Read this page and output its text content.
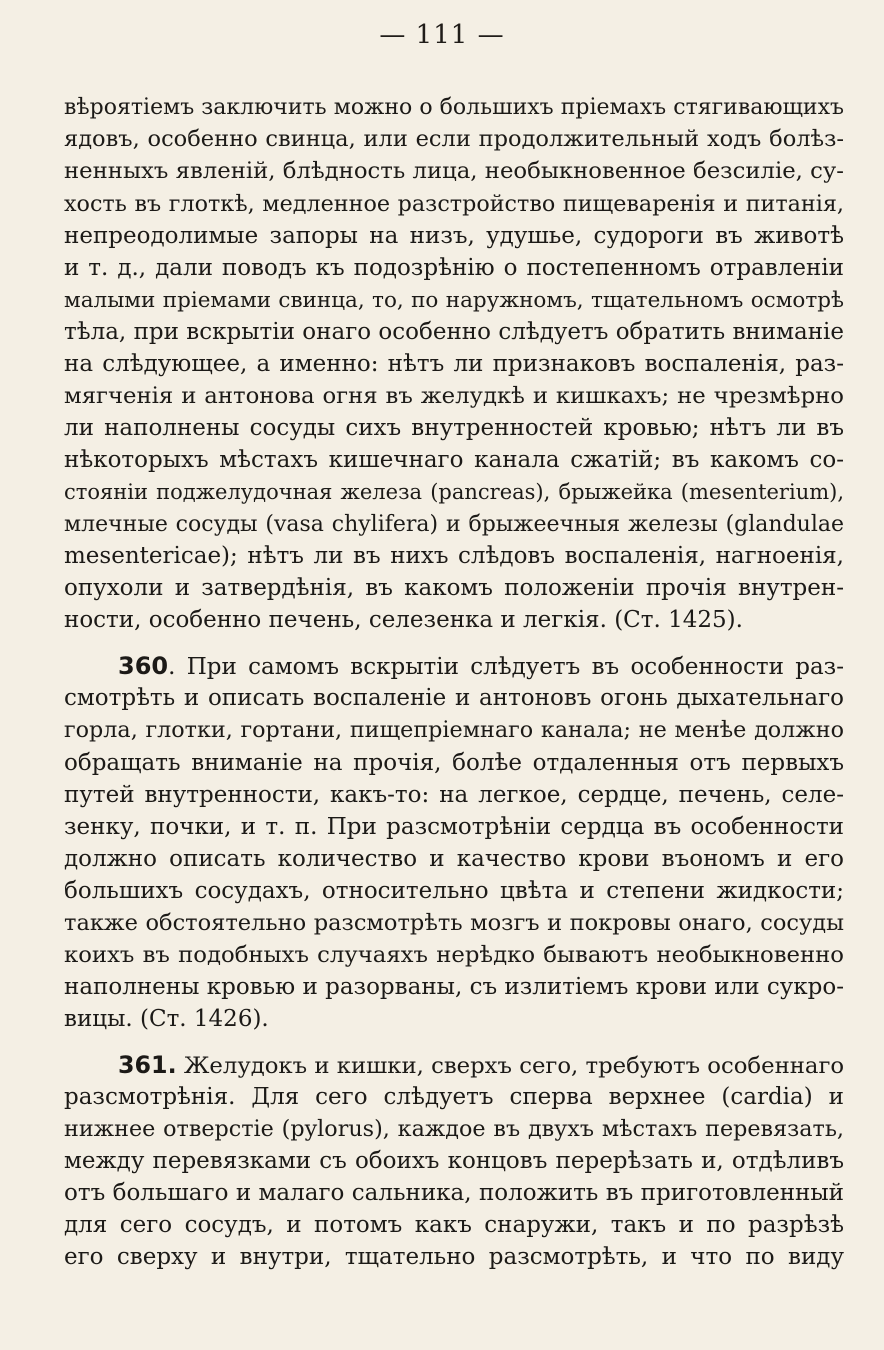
— 111 —
вѣроятіемъ заключить можно о большихъ пріемахъ стягивающихъ
ядовъ, особенно свинца, или если продолжительный ходъ болѣз-
ненныхъ явленій, блѣдность лица, необыкновенное безсиліе, су-
хость въ глоткѣ, медленное разстройство пищеваренія и питанія,
непреодолимые запоры на низъ, удушье, судороги въ животѣ
и т. д., дали поводъ къ подозрѣнію о постепенномъ отравленіи
малыми пріемами свинца, то, по наружномъ, тщательномъ осмотрѣ
тѣла, при вскрытіи онаго особенно слѣдуетъ обратить вниманіе
на слѣдующее, а именно: нѣтъ ли признаковъ воспаленія, раз-
мягченія и антонова огня въ желудкѣ и кишкахъ; не чрезмѣрно
ли наполнены сосуды сихъ внутренностей кровью; нѣтъ ли въ
нѣкоторыхъ мѣстахъ кишечнаго канала сжатій; въ какомъ со-
стояніи поджелудочная железа (pancreas), брыжейка (mesenterium),
млечные сосуды (vasa chylifera) и брыжеечныя железы (glandulae
mesentericae); нѣтъ ли въ нихъ слѣдовъ воспаленія, нагноенія,
опухоли и затвердѣнія, въ какомъ положеніи прочія внутрен-
ности, особенно печень, селезенка и легкія. (Ст. 1425).
360. При самомъ вскрытіи слѣдуетъ въ особенности раз-
смотрѣть и описать воспаленіе и антоновъ огонь дыхательнаго
горла, глотки, гортани, пищепріемнаго канала; не менѣе должно
обращать вниманіе на прочія, болѣе отдаленныя отъ первыхъ
путей внутренности, какъ-то: на легкое, сердце, печень, селе-
зенку, почки, и т. п. При разсмотрѣніи сердца въ особенности
должно описать количество и качество крови въономъ и его
большихъ сосудахъ, относительно цвѣта и степени жидкости;
также обстоятельно разсмотрѣть мозгъ и покровы онаго, сосуды
коихъ въ подобныхъ случаяхъ нерѣдко бываютъ необыкновенно
наполнены кровью и разорваны, съ излитіемъ крови или сукро-
вицы. (Ст. 1426).
361. Желудокъ и кишки, сверхъ сего, требуютъ особеннаго
разсмотрѣнія. Для сего слѣдуетъ сперва верхнее (cardia) и
нижнее отверстіе (pylorus), каждое въ двухъ мѣстахъ перевязать,
между перевязками съ обоихъ концовъ перерѣзать и, отдѣливъ
отъ большаго и малаго сальника, положить въ приготовленный
для сего сосудъ, и потомъ какъ снаружи, такъ и по разрѣзѣ
его сверху и внутри, тщательно разсмотрѣть, и что по виду
